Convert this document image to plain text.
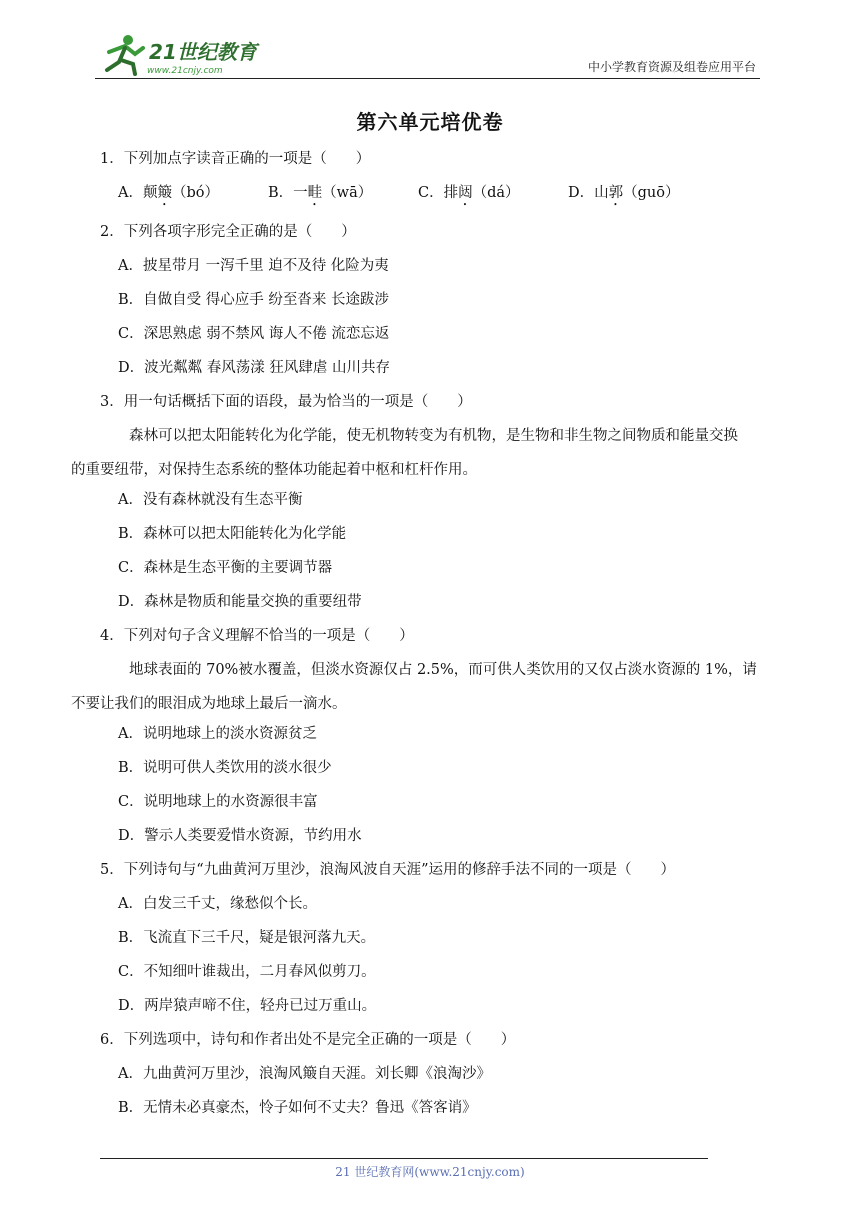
21世纪教育
www.21cnjy.com	中小学教育资源及组卷应用平台
第六单元培优卷
1．下列加点字读音正确的一项是（　　）
A．颠簸（bó）	B．一畦（wā）	C．排闼（dá）	D．山郭（guō）
2．下列各项字形完全正确的是（　　）
A．披星带月 一泻千里 迫不及待 化险为夷
B．自做自受 得心应手 纷至沓来 长途跋涉
C．深思熟虑 弱不禁风 诲人不倦 流恋忘返
D．波光粼粼 春风荡漾 狂风肆虐 山川共存
3．用一句话概括下面的语段，最为恰当的一项是（　　）
森林可以把太阳能转化为化学能，使无机物转变为有机物，是生物和非生物之间物质和能量交换
的重要纽带，对保持生态系统的整体功能起着中枢和杠杆作用。
A．没有森林就没有生态平衡
B．森林可以把太阳能转化为化学能
C．森林是生态平衡的主要调节器
D．森林是物质和能量交换的重要纽带
4．下列对句子含义理解不恰当的一项是（　　）
地球表面的 70%被水覆盖，但淡水资源仅占 2.5%，而可供人类饮用的又仅占淡水资源的 1%，请
不要让我们的眼泪成为地球上最后一滴水。
A．说明地球上的淡水资源贫乏
B．说明可供人类饮用的淡水很少
C．说明地球上的水资源很丰富
D．警示人类要爱惜水资源，节约用水
5．下列诗句与“九曲黄河万里沙，浪淘风波自天涯”运用的修辞手法不同的一项是（　　）
A．白发三千丈，缘愁似个长。
B．飞流直下三千尺，疑是银河落九天。
C．不知细叶谁裁出，二月春风似剪刀。
D．两岸猿声啼不住，轻舟已过万重山。
6．下列选项中，诗句和作者出处不是完全正确的一项是（　　）
A．九曲黄河万里沙，浪淘风簸自天涯。刘长卿《浪淘沙》
B．无情未必真豪杰，怜子如何不丈夫？鲁迅《答客诮》
21 世纪教育网(www.21cnjy.com)
